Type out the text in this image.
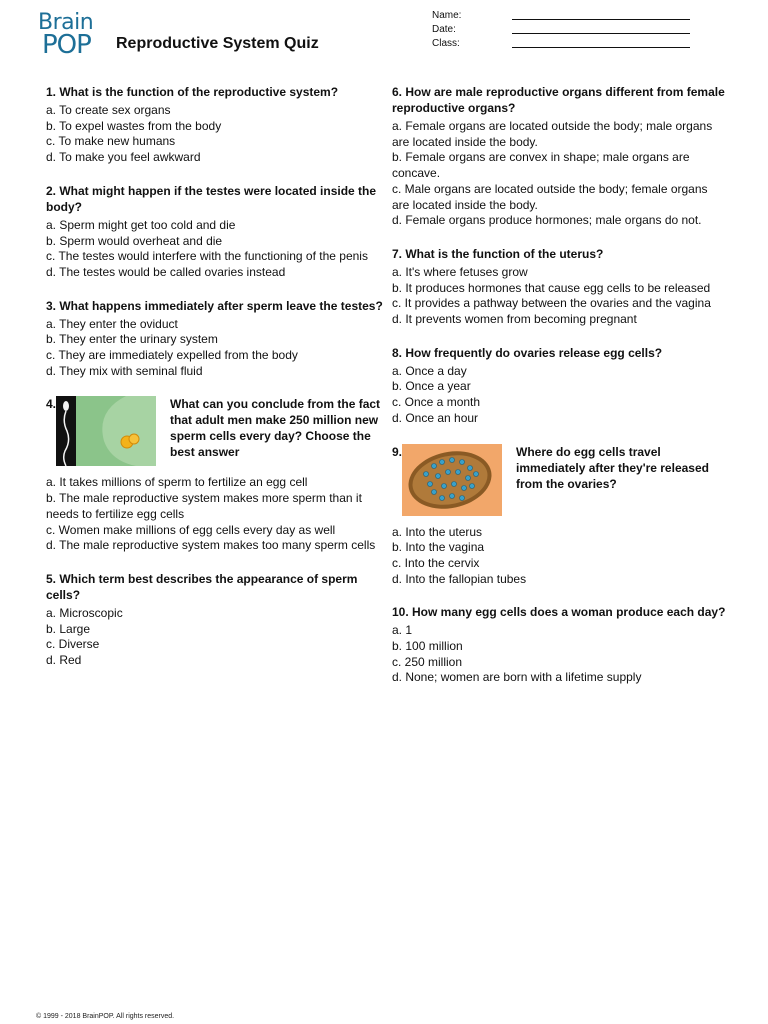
Brain
POP Reproductive System Quiz
Name:
Date:
Class:
1. What is the function of the reproductive system?
a. To create sex organs
b. To expel wastes from the body
c. To make new humans
d. To make you feel awkward
2. What might happen if the testes were located inside the body?
a. Sperm might get too cold and die
b. Sperm would overheat and die
c. The testes would interfere with the functioning of the penis
d. The testes would be called ovaries instead
3. What happens immediately after sperm leave the testes?
a. They enter the oviduct
b. They enter the urinary system
c. They are immediately expelled from the body
d. They mix with seminal fluid
4.	What can you conclude from the fact that adult men make 250 million new sperm cells every day? Choose the best answer
a. It takes millions of sperm to fertilize an egg cell
b. The male reproductive system makes more sperm than it needs to fertilize egg cells
c. Women make millions of egg cells every day as well
d. The male reproductive system makes too many sperm cells
5. Which term best describes the appearance of sperm cells?
a. Microscopic
b. Large
c. Diverse
d. Red
6. How are male reproductive organs different from female reproductive organs?
a. Female organs are located outside the body; male organs are located inside the body.
b. Female organs are convex in shape; male organs are concave.
c. Male organs are located outside the body; female organs are located inside the body.
d. Female organs produce hormones; male organs do not.
7. What is the function of the uterus?
a. It's where fetuses grow
b. It produces hormones that cause egg cells to be released
c. It provides a pathway between the ovaries and the vagina
d. It prevents women from becoming pregnant
8. How frequently do ovaries release egg cells?
a. Once a day
b. Once a year
c. Once a month
d. Once an hour
9.	Where do egg cells travel immediately after they're released from the ovaries?
a. Into the uterus
b. Into the vagina
c. Into the cervix
d. Into the fallopian tubes
10. How many egg cells does a woman produce each day?
a. 1
b. 100 million
c. 250 million
d. None; women are born with a lifetime supply
© 1999 - 2018 BrainPOP. All rights reserved.
